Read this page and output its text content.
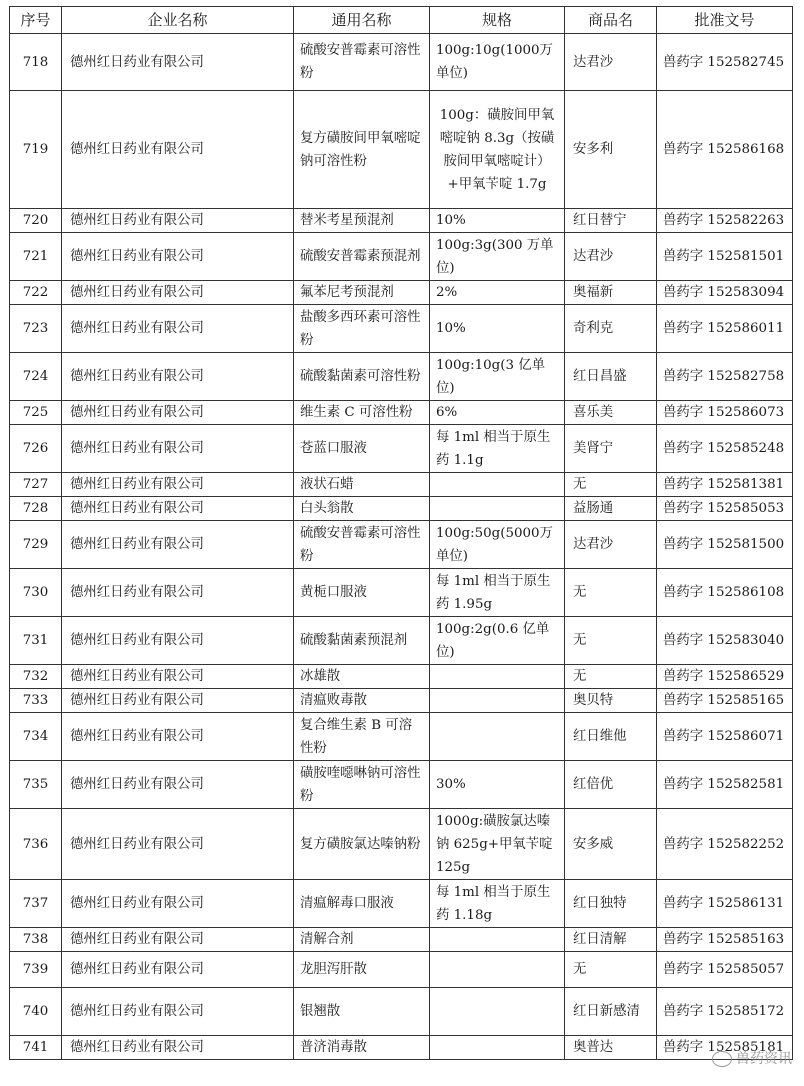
序号	企业名称	通用名称	规格	商品名	批准文号
718	德州红日药业有限公司	硫酸安普霉素可溶性粉	100g:10g(1000万单位)	达君沙	兽药字 152582745
719	德州红日药业有限公司	复方磺胺间甲氧嘧啶钠可溶性粉	100g：磺胺间甲氧嘧啶钠 8.3g（按磺胺间甲氧嘧啶计）+甲氧苄啶 1.7g	安多利	兽药字 152586168
720	德州红日药业有限公司	替米考星预混剂	10%	红日替宁	兽药字 152582263
721	德州红日药业有限公司	硫酸安普霉素预混剂	100g:3g(300 万单位)	达君沙	兽药字 152581501
722	德州红日药业有限公司	氟苯尼考预混剂	2%	奥福新	兽药字 152583094
723	德州红日药业有限公司	盐酸多西环素可溶性粉	10%	奇利克	兽药字 152586011
724	德州红日药业有限公司	硫酸黏菌素可溶性粉	100g:10g(3 亿单位)	红日昌盛	兽药字 152582758
725	德州红日药业有限公司	维生素 C 可溶性粉	6%	喜乐美	兽药字 152586073
726	德州红日药业有限公司	苍蓝口服液	每 1ml 相当于原生药 1.1g	美肾宁	兽药字 152585248
727	德州红日药业有限公司	液状石蜡		无	兽药字 152581381
728	德州红日药业有限公司	白头翁散		益肠通	兽药字 152585053
729	德州红日药业有限公司	硫酸安普霉素可溶性粉	100g:50g(5000万单位)	达君沙	兽药字 152581500
730	德州红日药业有限公司	黄栀口服液	每 1ml 相当于原生药 1.95g	无	兽药字 152586108
731	德州红日药业有限公司	硫酸黏菌素预混剂	100g:2g(0.6 亿单位)	无	兽药字 152583040
732	德州红日药业有限公司	冰雄散		无	兽药字 152586529
733	德州红日药业有限公司	清瘟败毒散		奥贝特	兽药字 152585165
734	德州红日药业有限公司	复合维生素 B 可溶性粉		红日维他	兽药字 152586071
735	德州红日药业有限公司	磺胺喹噁啉钠可溶性粉	30%	红倍优	兽药字 152582581
736	德州红日药业有限公司	复方磺胺氯达嗪钠粉	1000g:磺胺氯达嗪钠 625g+甲氧苄啶 125g	安多威	兽药字 152582252
737	德州红日药业有限公司	清瘟解毒口服液	每 1ml 相当于原生药 1.18g	红日独特	兽药字 152586131
738	德州红日药业有限公司	清解合剂		红日清解	兽药字 152585163
739	德州红日药业有限公司	龙胆泻肝散		无	兽药字 152585057
740	德州红日药业有限公司	银翘散		红日新感清	兽药字 152585172
741	德州红日药业有限公司	普济消毒散		奥普达	兽药字 152585181
兽药资讯
